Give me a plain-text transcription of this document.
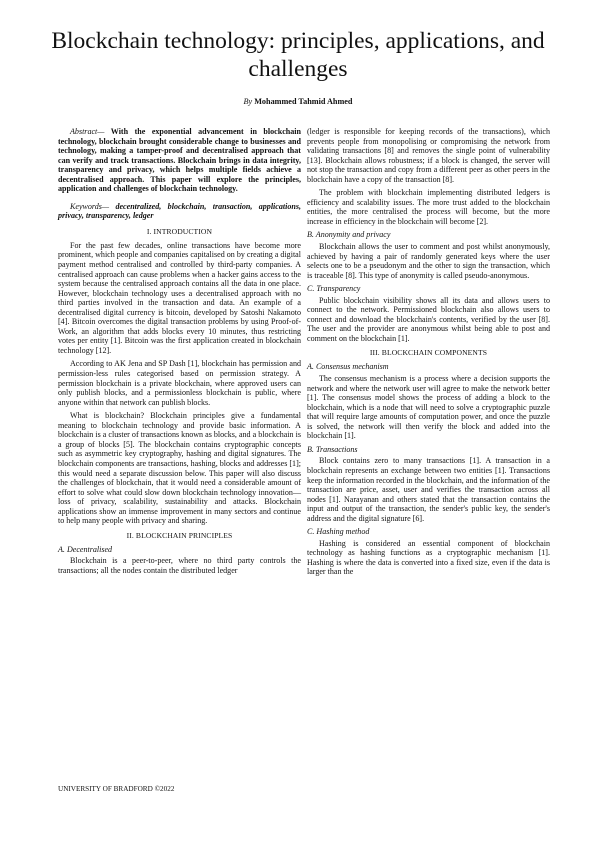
Blockchain technology: principles, applications, and challenges
By Mohammed Tahmid Ahmed

Abstract— With the exponential advancement in blockchain technology, blockchain brought considerable change to businesses and technology, making a tamper-proof and decentralised approach that can verify and track transactions. Blockchain brings in data integrity, transparency and privacy, which helps multiple fields achieve a decentralised approach. This paper will explore the principles, application and challenges of blockchain technology.

Keywords— decentralized, blockchain, transaction, applications, privacy, transparency, ledger

I. INTRODUCTION

For the past few decades, online transactions have become more prominent, which people and companies capitalised on by creating a digital payment method centralised and controlled by third-party companies. A centralised approach can cause problems when a hacker gains access to the system because the centralised approach contains all the data in one place. However, blockchain technology uses a decentralised approach with no third parties involved in the transaction and data. An example of a decentralised digital currency is bitcoin, developed by Satoshi Nakamoto [4]. Bitcoin overcomes the digital transaction problems by using Proof-of-Work, an algorithm that adds blocks every 10 minutes, thus restricting votes per entity [1]. Bitcoin was the first application created in blockchain technology [12].

According to AK Jena and SP Dash [1], blockchain has permission and permission-less rules categorised based on permission strategy. A permission blockchain is a private blockchain, where approved users can only publish blocks, and a permissionless blockchain is public, where anyone within that network can publish blocks.

What is blockchain? Blockchain principles give a fundamental meaning to blockchain technology and provide basic information. A blockchain is a cluster of transactions known as blocks, and a blockchain is a group of blocks [5]. The blockchain contains cryptographic concepts such as asymmetric key cryptography, hashing and digital signatures. The blockchain components are transactions, hashing, blocks and addresses [1]; this would need a separate discussion below. This paper will also discuss the challenges of blockchain, that it would need a considerable amount of effort to solve what could slow down blockchain technology innovation—loss of privacy, scalability, sustainability and attacks. Blockchain applications show an immense improvement in many sectors and continue to help many people with privacy and sharing.

II. BLOCKCHAIN PRINCIPLES
A. Decentralised

Blockchain is a peer-to-peer, where no third party controls the transactions; all the nodes contain the distributed ledger

(ledger is responsible for keeping records of the transactions), which prevents people from monopolising or compromising the network from validating transactions [8] and removes the single point of vulnerability [13]. Blockchain allows robustness; if a block is changed, the server will not stop the transaction and copy from a different peer as other peers in the blockchain have a copy of the transaction [8].

The problem with blockchain implementing distributed ledgers is efficiency and scalability issues. The more trust added to the blockchain entities, the more centralised the process will become, but the more increase in efficiency in the blockchain will become [2].

B. Anonymity and privacy

Blockchain allows the user to comment and post whilst anonymously, achieved by having a pair of randomly generated keys where the user selects one to be a pseudonym and the other to sign the transaction, which is traceable [8]. This type of anonymity is called pseudo-anonymous.

C. Transparency

Public blockchain visibility shows all its data and allows users to connect to the network. Permissioned blockchain also allows users to connect and download the blockchain's contents, verified by the user [8]. The user and the provider are anonymous whilst being able to post and comment on the blockchain [1].

III. BLOCKCHAIN COMPONENTS
A. Consensus mechanism

The consensus mechanism is a process where a decision supports the network and where the network user will agree to make the network better [1]. The consensus model shows the process of adding a block to the blockchain, which is a node that will need to solve a cryptographic puzzle that will require large amounts of computation power, and once the puzzle is solved, the network will then verify the block and added into the blockchain [1].

B. Transactions

Block contains zero to many transactions [1]. A transaction in a blockchain represents an exchange between two entities [1]. Transactions keep the information recorded in the blockchain, and the information of the transaction are price, asset, user and verifies the transaction across all nodes [1]. Narayanan and others stated that the transaction contains the input and output of the transaction, the sender's public key, the sender's address and the digital signature [6].

C. Hashing method

Hashing is considered an essential component of blockchain technology as hashing functions as a cryptographic mechanism [1]. Hashing is where the data is converted into a fixed size, even if the data is larger than the

UNIVERSITY OF BRADFORD ©2022
